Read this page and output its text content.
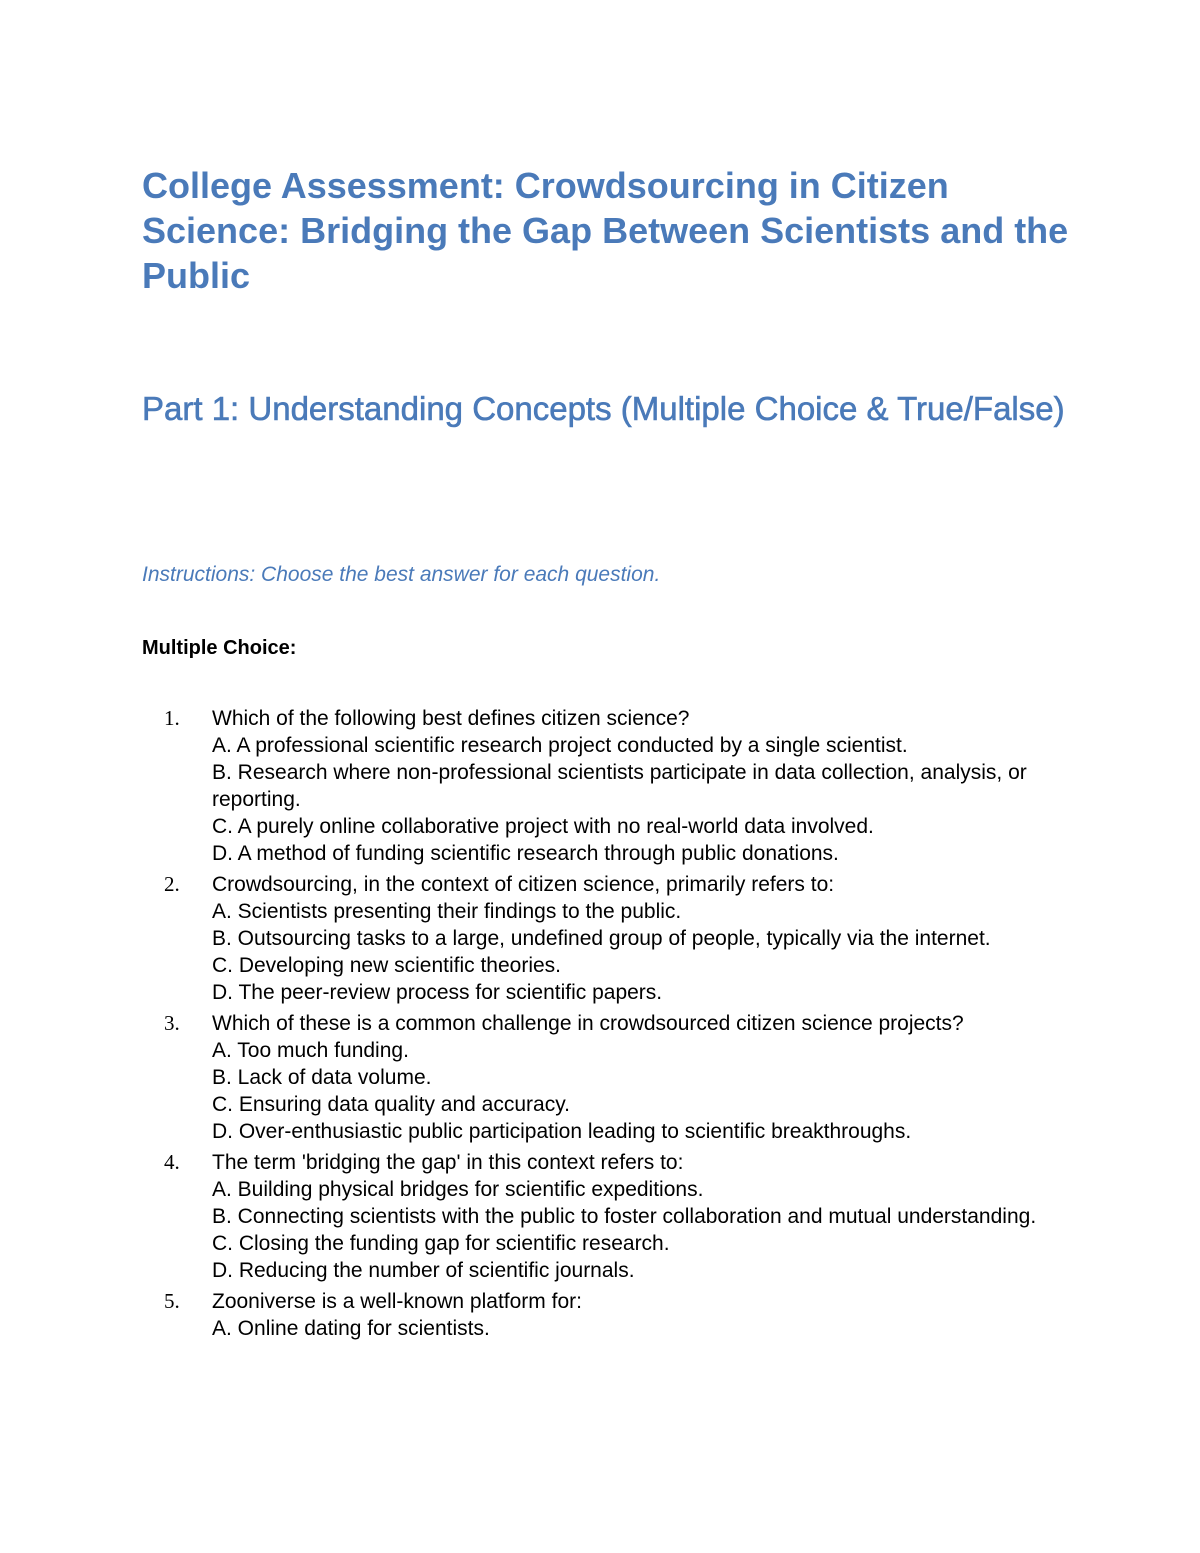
College Assessment: Crowdsourcing in Citizen Science: Bridging the Gap Between Scientists and the Public
Part 1: Understanding Concepts (Multiple Choice & True/False)

Instructions: Choose the best answer for each question.

Multiple Choice:

1. Which of the following best defines citizen science?
A. A professional scientific research project conducted by a single scientist.
B. Research where non-professional scientists participate in data collection, analysis, or reporting.
C. A purely online collaborative project with no real-world data involved.
D. A method of funding scientific research through public donations.
2. Crowdsourcing, in the context of citizen science, primarily refers to:
A. Scientists presenting their findings to the public.
B. Outsourcing tasks to a large, undefined group of people, typically via the internet.
C. Developing new scientific theories.
D. The peer-review process for scientific papers.
3. Which of these is a common challenge in crowdsourced citizen science projects?
A. Too much funding.
B. Lack of data volume.
C. Ensuring data quality and accuracy.
D. Over-enthusiastic public participation leading to scientific breakthroughs.
4. The term 'bridging the gap' in this context refers to:
A. Building physical bridges for scientific expeditions.
B. Connecting scientists with the public to foster collaboration and mutual understanding.
C. Closing the funding gap for scientific research.
D. Reducing the number of scientific journals.
5. Zooniverse is a well-known platform for:
A. Online dating for scientists.
